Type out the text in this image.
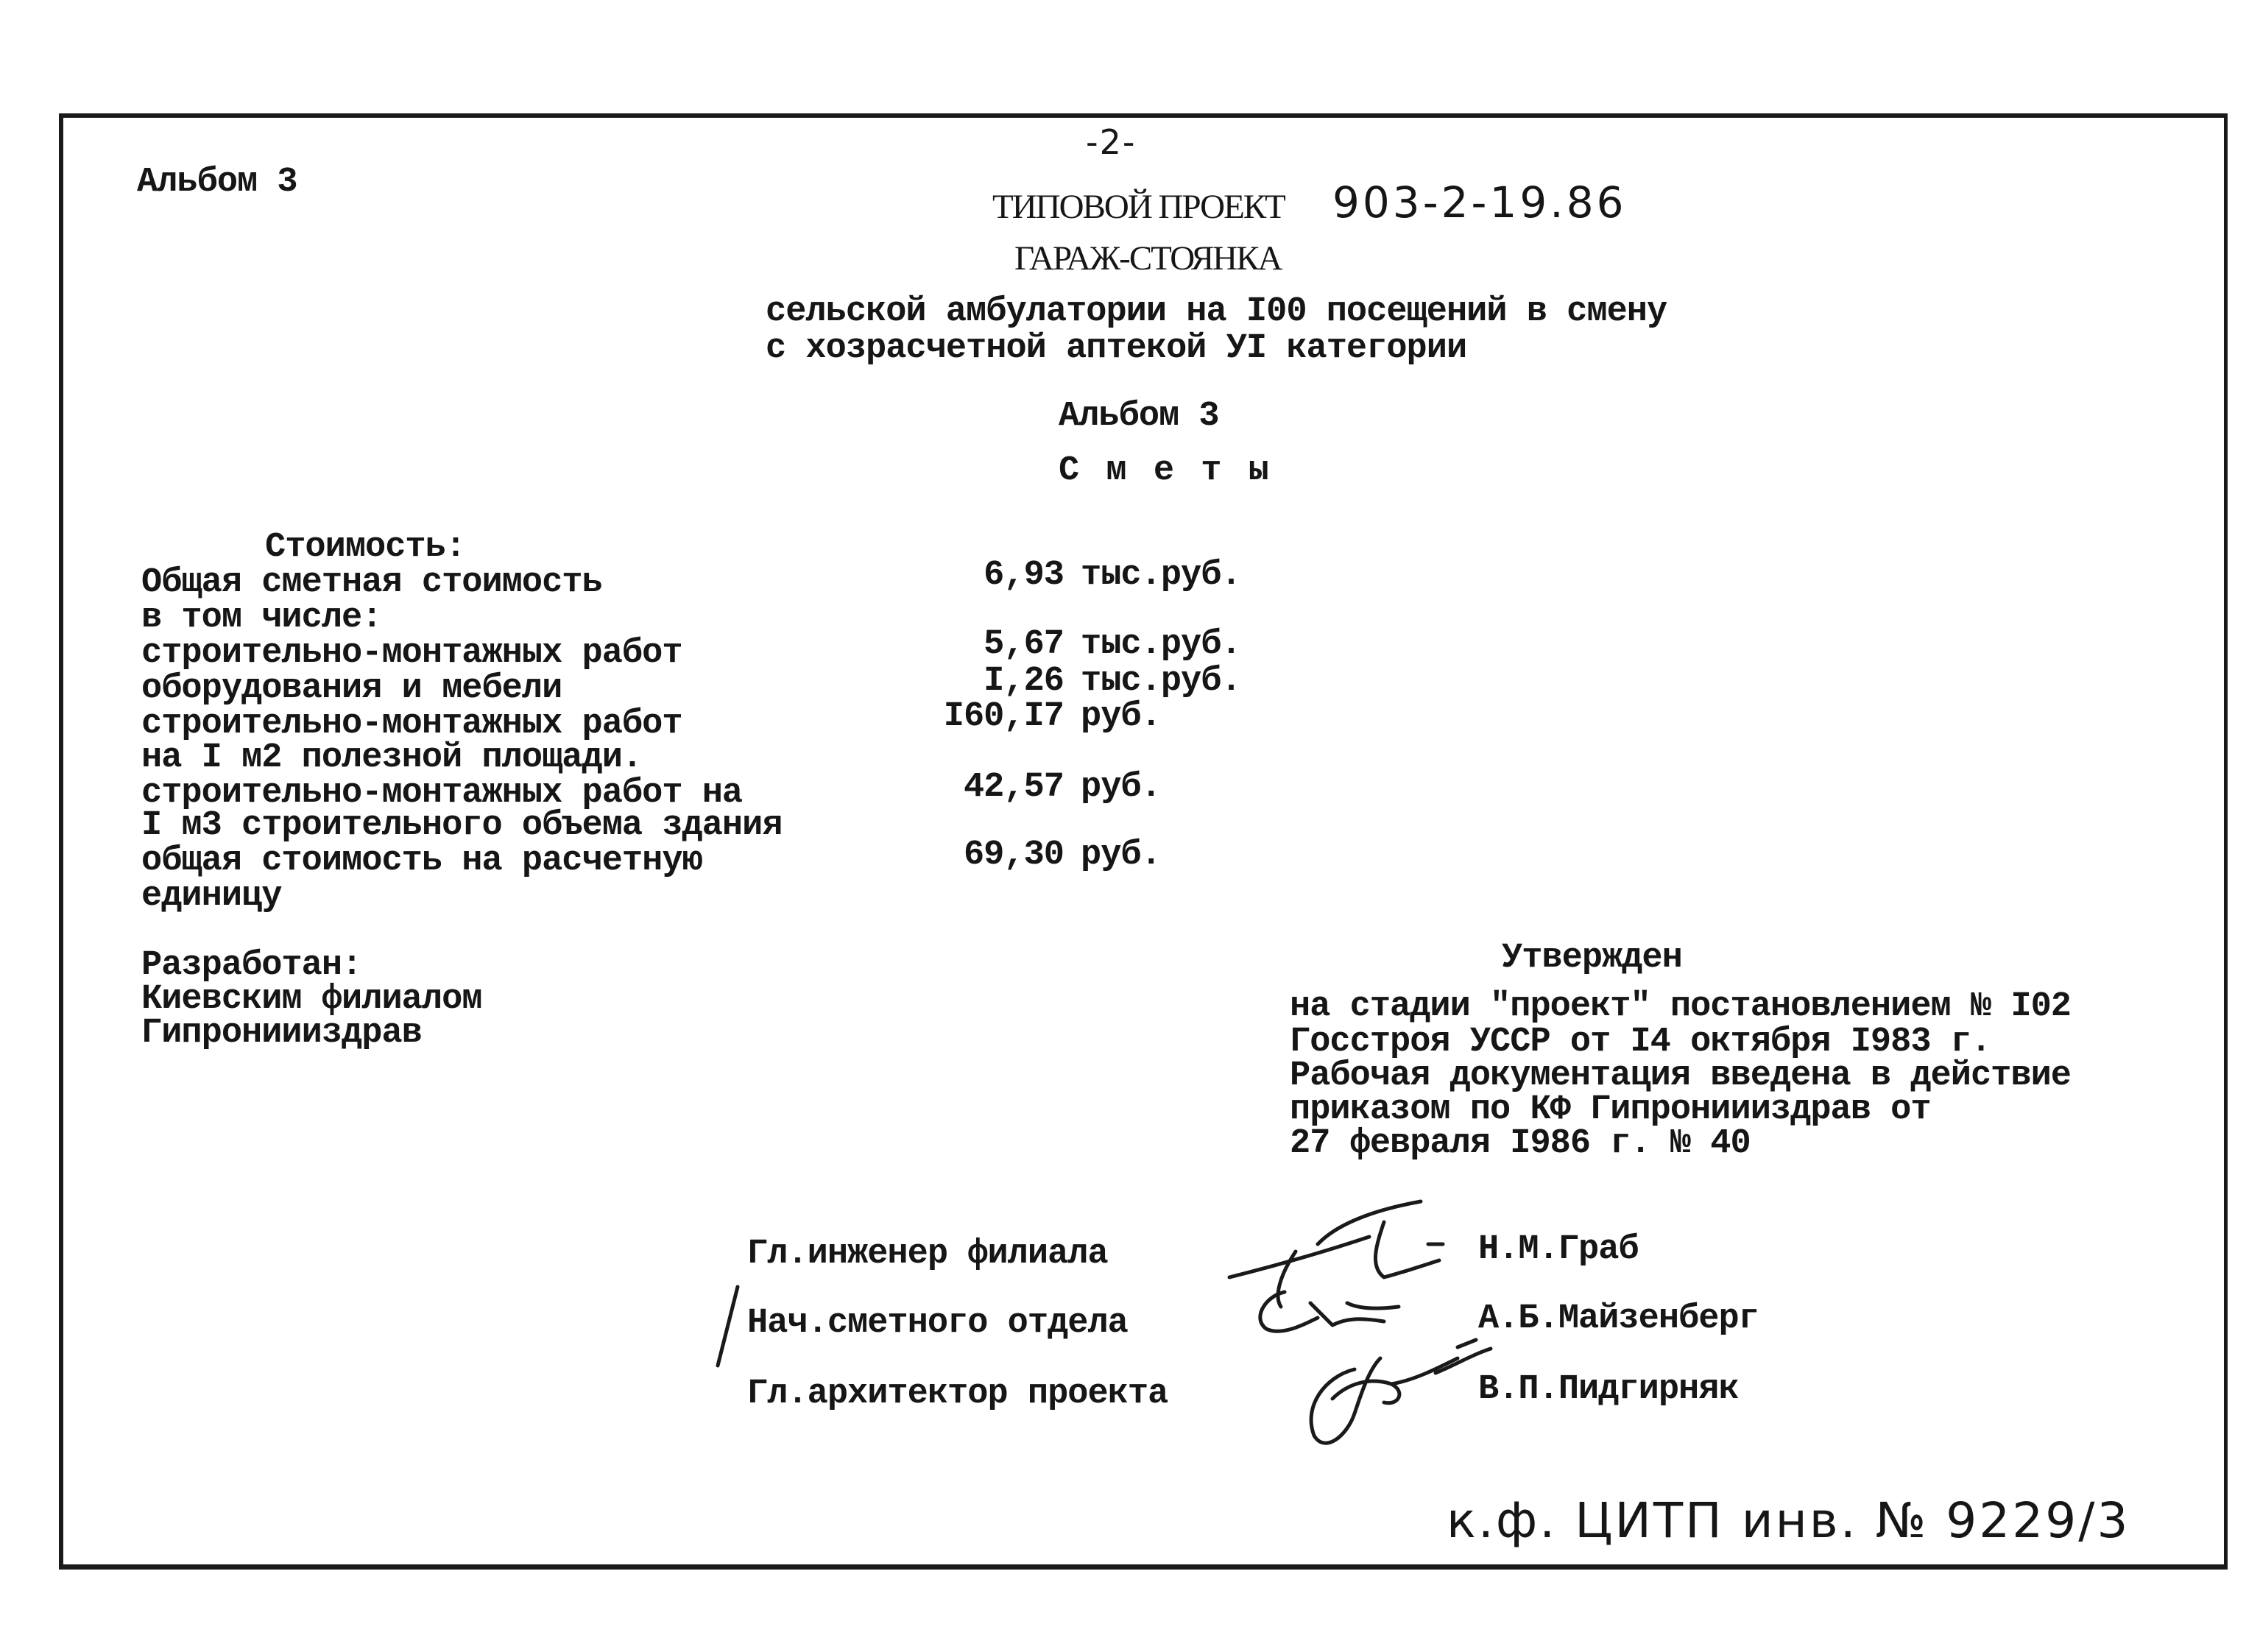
-2-
Альбом 3
ТИПОВОЙ ПРОЕКТ 903-2-19.86
ГАРАЖ-СТОЯНКА
сельской амбулатории на I00 посещений в смену
с хозрасчетной аптекой УI категории
Альбом 3
С м е т ы
Стоимость:
Общая сметная стоимость	6,93 тыс.руб.
в том числе:
строительно-монтажных работ	5,67 тыс.руб.
оборудования и мебели	I,26 тыс.руб.
строительно-монтажных работ	I60,I7 руб.
на I м2 полезной площади.
строительно-монтажных работ на	42,57 руб.
I м3 строительного объема здания
общая стоимость на расчетную	69,30 руб.
единицу
Разработан:
Киевским филиалом
Гипрониииздрав
Утвержден
на стадии "проект" постановлением № I02
Госстроя УССР от I4 октября I983 г.
Рабочая документация введена в действие
приказом по КФ Гипрониииздрав от
27 февраля I986 г. № 40
Гл.инженер филиала	Н.М.Граб
Нач.сметного отдела	А.Б.Майзенберг
Гл.архитектор проекта	В.П.Пидгирняк
к.ф. ЦИТП инв. № 9229/3
